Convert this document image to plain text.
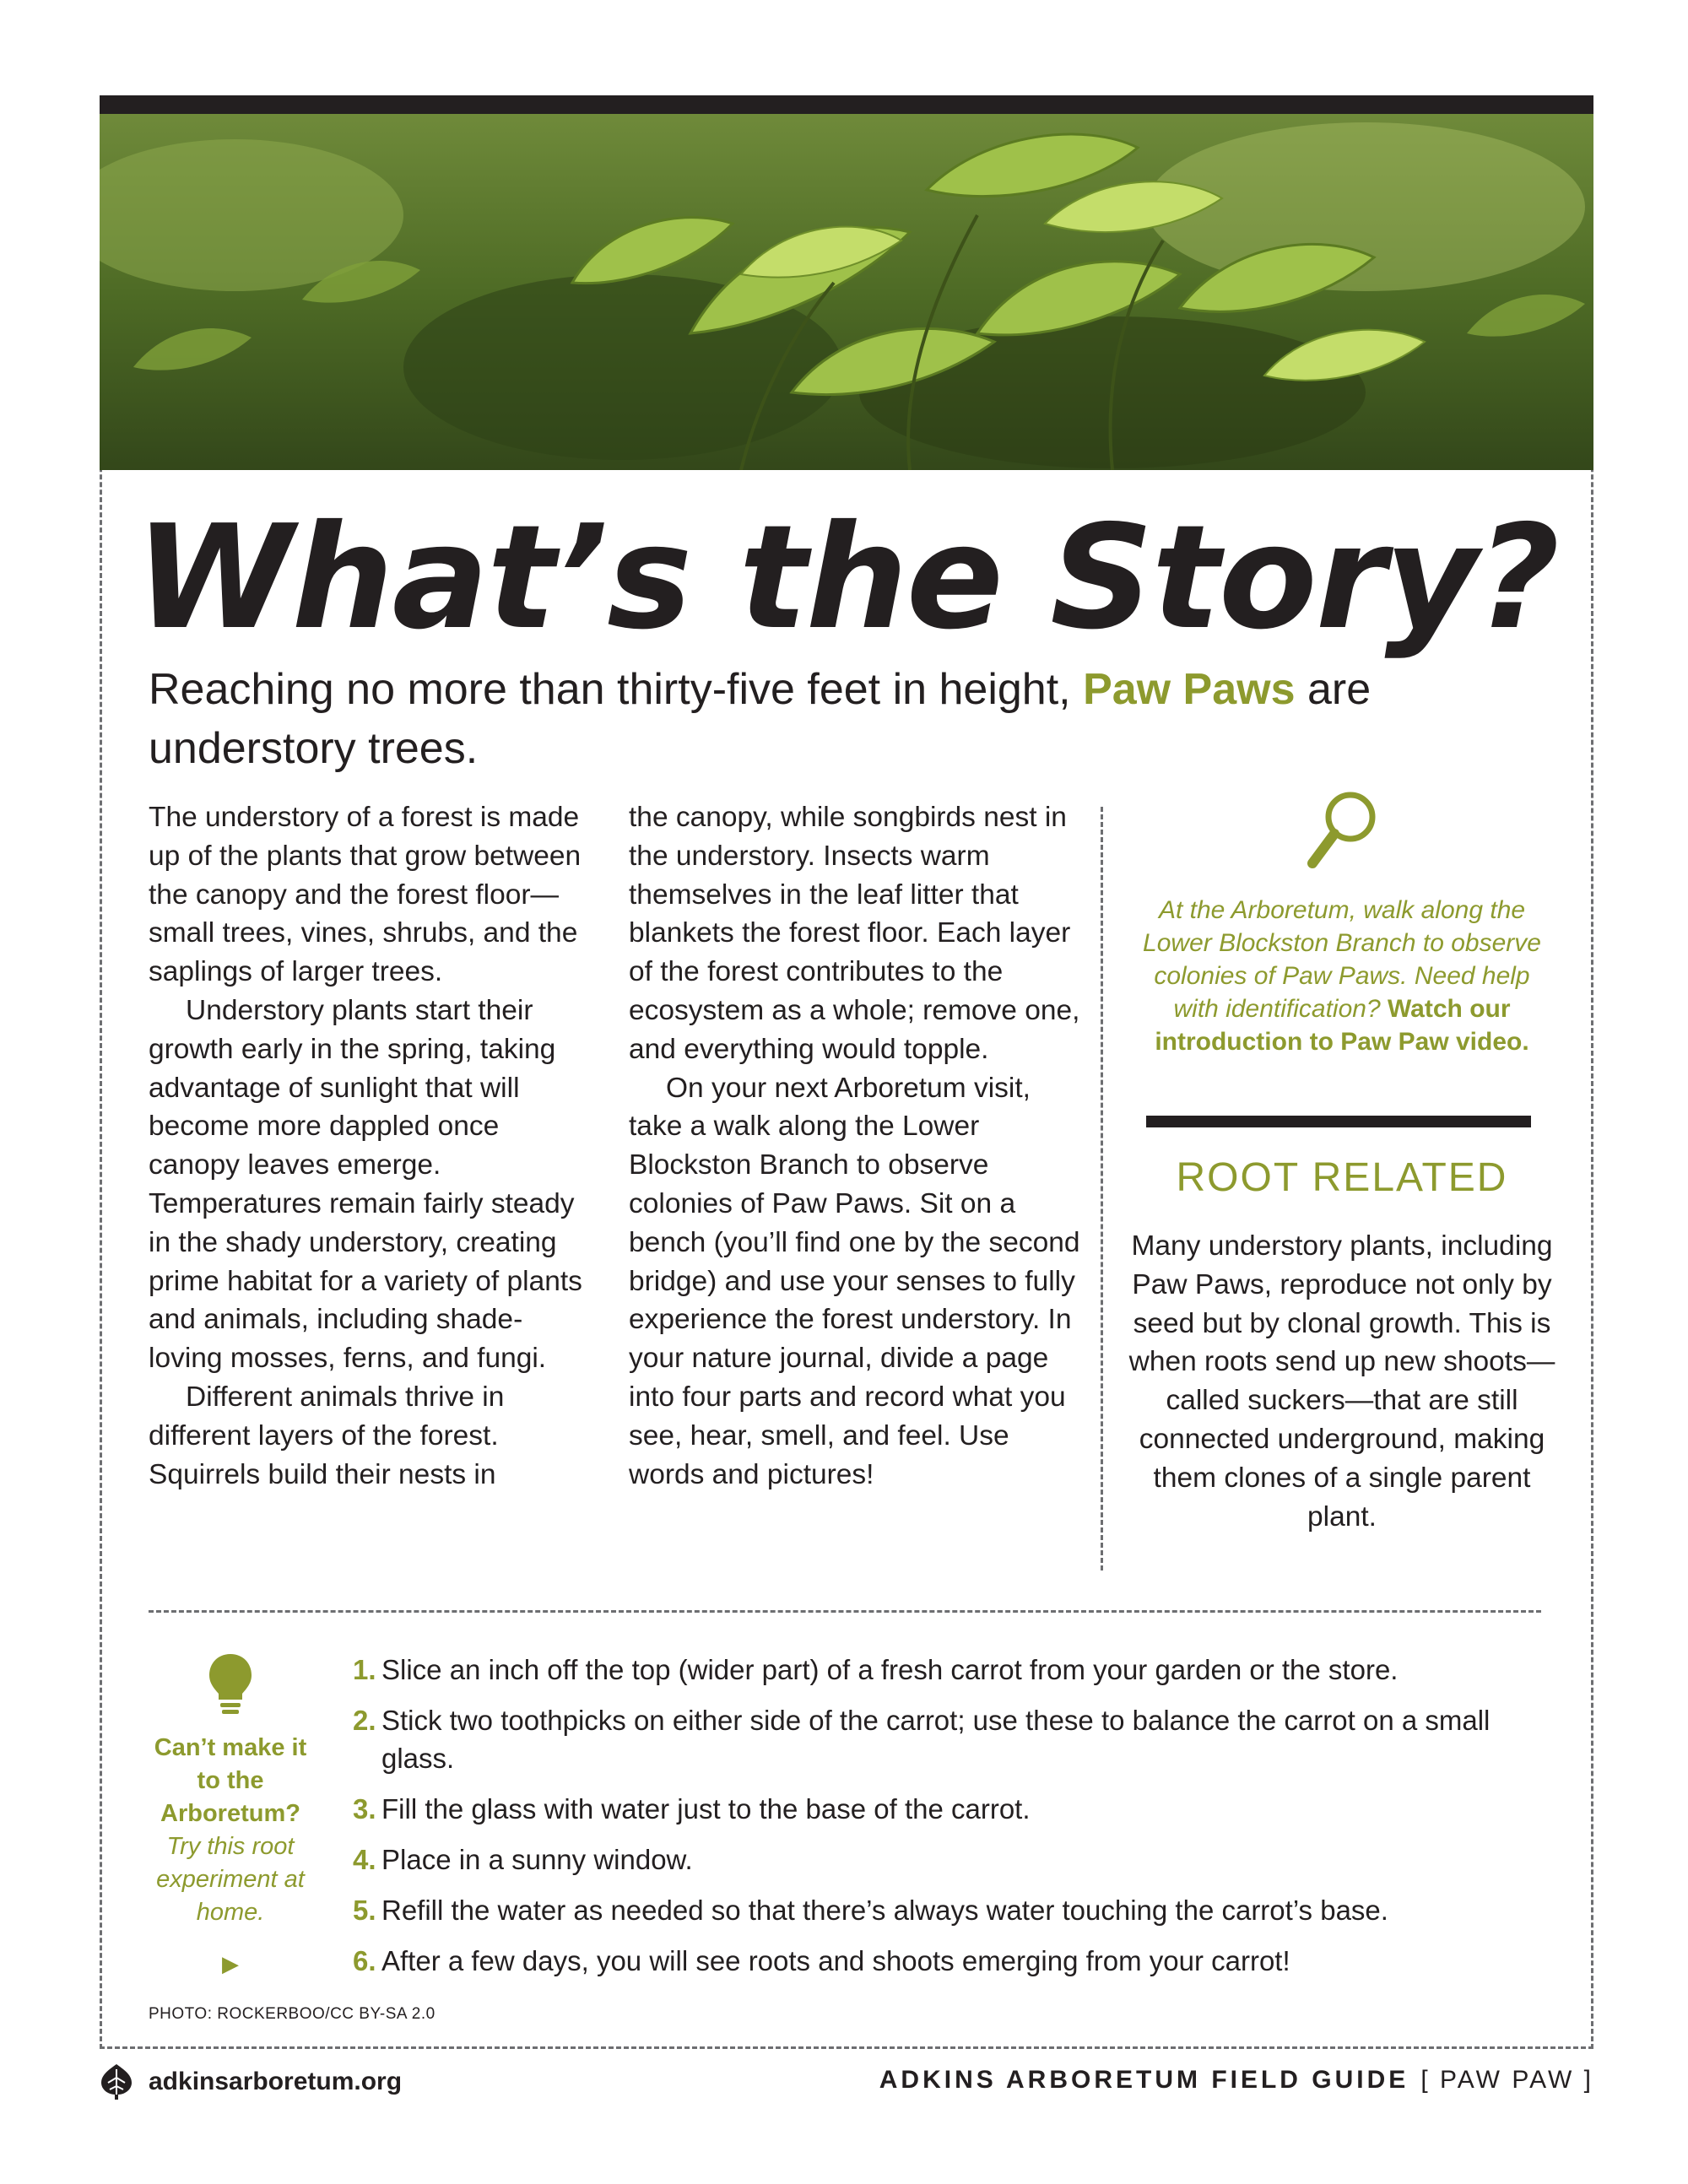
What’s the Story?
Reaching no more than thirty-five feet in height, Paw Paws are understory trees.

The understory of a forest is made up of the plants that grow between the canopy and the forest floor—small trees, vines, shrubs, and the saplings of larger trees.

Understory plants start their growth early in the spring, taking advantage of sunlight that will become more dappled once canopy leaves emerge. Temperatures remain fairly steady in the shady understory, creating prime habitat for a variety of plants and animals, including shade-loving mosses, ferns, and fungi.

Different animals thrive in different layers of the forest. Squirrels build their nests in

the canopy, while songbirds nest in the understory. Insects warm themselves in the leaf litter that blankets the forest floor. Each layer of the forest contributes to the ecosystem as a whole; remove one, and everything would topple.

On your next Arboretum visit, take a walk along the Lower Blockston Branch to observe colonies of Paw Paws. Sit on a bench (you’ll find one by the second bridge) and use your senses to fully experience the forest understory. In your nature journal, divide a page into four parts and record what you see, hear, smell, and feel. Use words and pictures!

At the Arboretum, walk along the Lower Blockston Branch to observe colonies of Paw Paws. Need help with identification? Watch our introduction to Paw Paw video.
ROOT RELATED
Many understory plants, including Paw Paws, reproduce not only by seed but by clonal growth. This is when roots send up new shoots—called suckers—that are still connected underground, making them clones of a single parent plant.
Can’t make it to the Arboretum?
Try this root experiment at home.
▶
1. Slice an inch off the top (wider part) of a fresh carrot from your garden or the store.
2. Stick two toothpicks on either side of the carrot; use these to balance the carrot on a small glass.
3. Fill the glass with water just to the base of the carrot.
4. Place in a sunny window.
5. Refill the water as needed so that there’s always water touching the carrot’s base.
6. After a few days, you will see roots and shoots emerging from your carrot!
PHOTO: ROCKERBOO/CC BY-SA 2.0
adkinsarboretum.org	ADKINS ARBORETUM FIELD GUIDE [ PAW PAW ]
